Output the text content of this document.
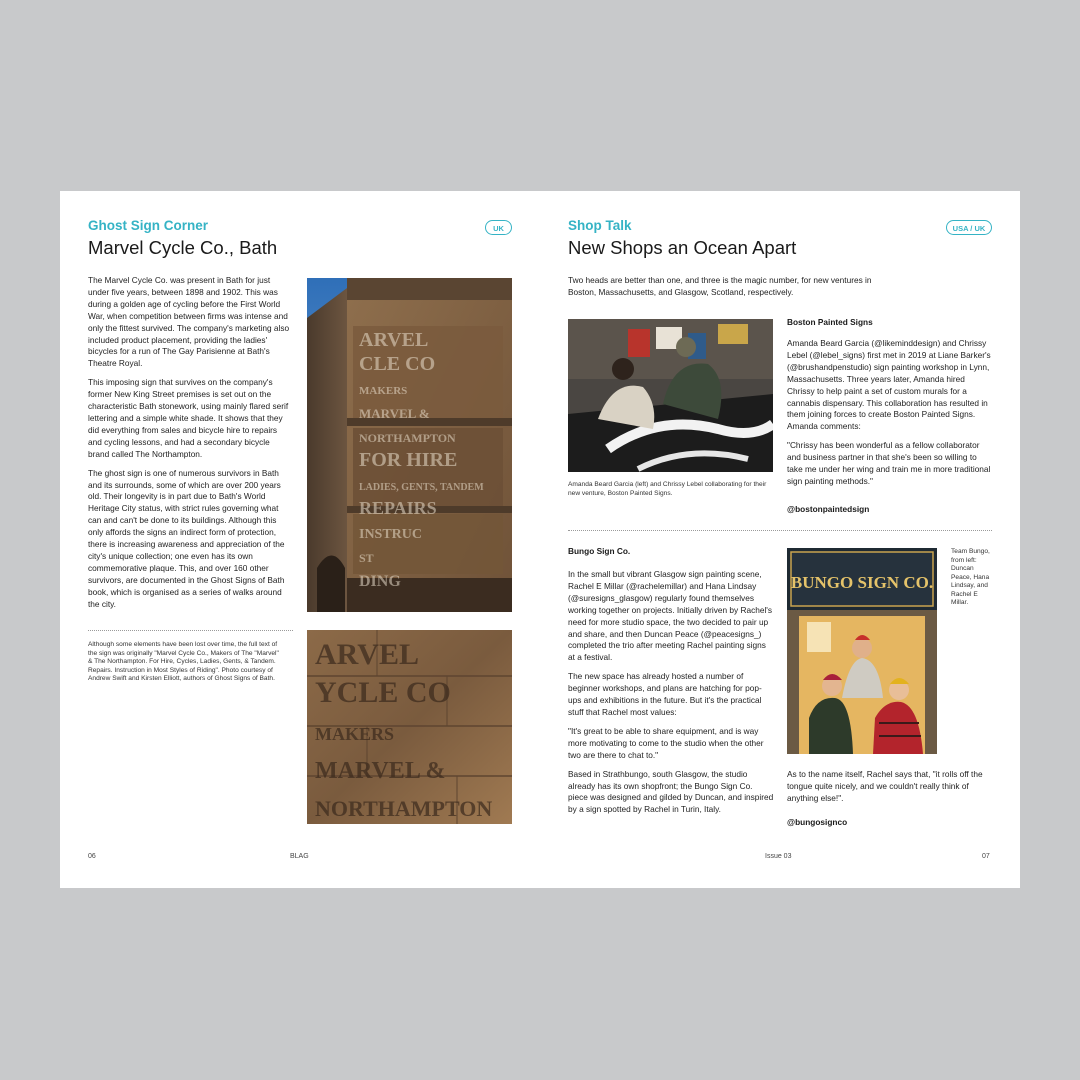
Ghost Sign Corner
Marvel Cycle Co., Bath
UK

The Marvel Cycle Co. was present in Bath for just under five years, between 1898 and 1902. This was during a golden age of cycling before the First World War, when competition between firms was intense and only the fittest survived. The company's marketing also included product placement, providing the ladies' bicycles for a run of The Gay Parisienne at Bath's Theatre Royal.

This imposing sign that survives on the company's former New King Street premises is set out on the characteristic Bath stonework, using mainly flared serif lettering and a simple white shade. It shows that they did everything from sales and bicycle hire to repairs and cycling lessons, and had a secondary bicycle brand called The Northampton.

The ghost sign is one of numerous survivors in Bath and its surrounds, some of which are over 200 years old. Their longevity is in part due to Bath's World Heritage City status, with strict rules governing what can and can't be done to its buildings. Although this only affords the signs an indirect form of protection, there is increasing awareness and appreciation of the city's unique collection; one even has its own commemorative plaque. This, and over 160 other survivors, are documented in the Ghost Signs of Bath book, which is organised as a series of walks around the city.

Although some elements have been lost over time, the full text of the sign was originally "Marvel Cycle Co., Makers of The "Marvel" & The Northampton. For Hire, Cycles, Ladies, Gents, & Tandem. Repairs. Instruction in Most Styles of Riding". Photo courtesy of Andrew Swift and Kirsten Elliott, authors of Ghost Signs of Bath.
ARVEL
CLE CO
MAKERS
MARVEL &
NORTHAMPTON
FOR HIRE
LADIES, GENTS, TANDEM
REPAIRS
INSTRUC
ST
DING
ARVEL
YCLE CO
MAKERS
MARVEL &
NORTHAMPTON
06	BLAG
Shop Talk
New Shops an Ocean Apart
USA / UK
Two heads are better than one, and three is the magic number, for new ventures in Boston, Massachusetts, and Glasgow, Scotland, respectively.
Amanda Beard Garcia (left) and Chrissy Lebel collaborating for their new venture, Boston Painted Signs.
Boston Painted Signs

Amanda Beard Garcia (@likeminddesign) and Chrissy Lebel (@lebel_signs) first met in 2019 at Liane Barker's (@brushandpenstudio) sign painting workshop in Lynn, Massachusetts. Three years later, Amanda hired Chrissy to help paint a set of custom murals for a cannabis dispensary. This collaboration has resulted in them joining forces to create Boston Painted Signs. Amanda comments:

"Chrissy has been wonderful as a fellow collaborator and business partner in that she's been so willing to take me under her wing and train me in more traditional sign painting methods."

@bostonpaintedsign
Bungo Sign Co.

In the small but vibrant Glasgow sign painting scene, Rachel E Millar (@rachelemillar) and Hana Lindsay (@suresigns_glasgow) regularly found themselves working together on projects. Initially driven by Rachel's need for more studio space, the two decided to pair up and share, and then Duncan Peace (@peacesigns_) completed the trio after meeting Rachel painting signs at a festival.

The new space has already hosted a number of beginner workshops, and plans are hatching for pop-ups and exhibitions in the future. But it's the practical stuff that Rachel most values:

"It's great to be able to share equipment, and is way more motivating to come to the studio when the other two are there to chat to."

Based in Strathbungo, south Glasgow, the studio already has its own shopfront; the Bungo Sign Co. piece was designed and gilded by Duncan, and inspired by a sign spotted by Rachel in Turin, Italy.

BUNGO SIGN CO.
Team Bungo, from left: Duncan Peace, Hana Lindsay, and Rachel E Millar.
As to the name itself, Rachel says that, "it rolls off the tongue quite nicely, and we couldn't really think of anything else!".
@bungosignco
Issue 03	07
